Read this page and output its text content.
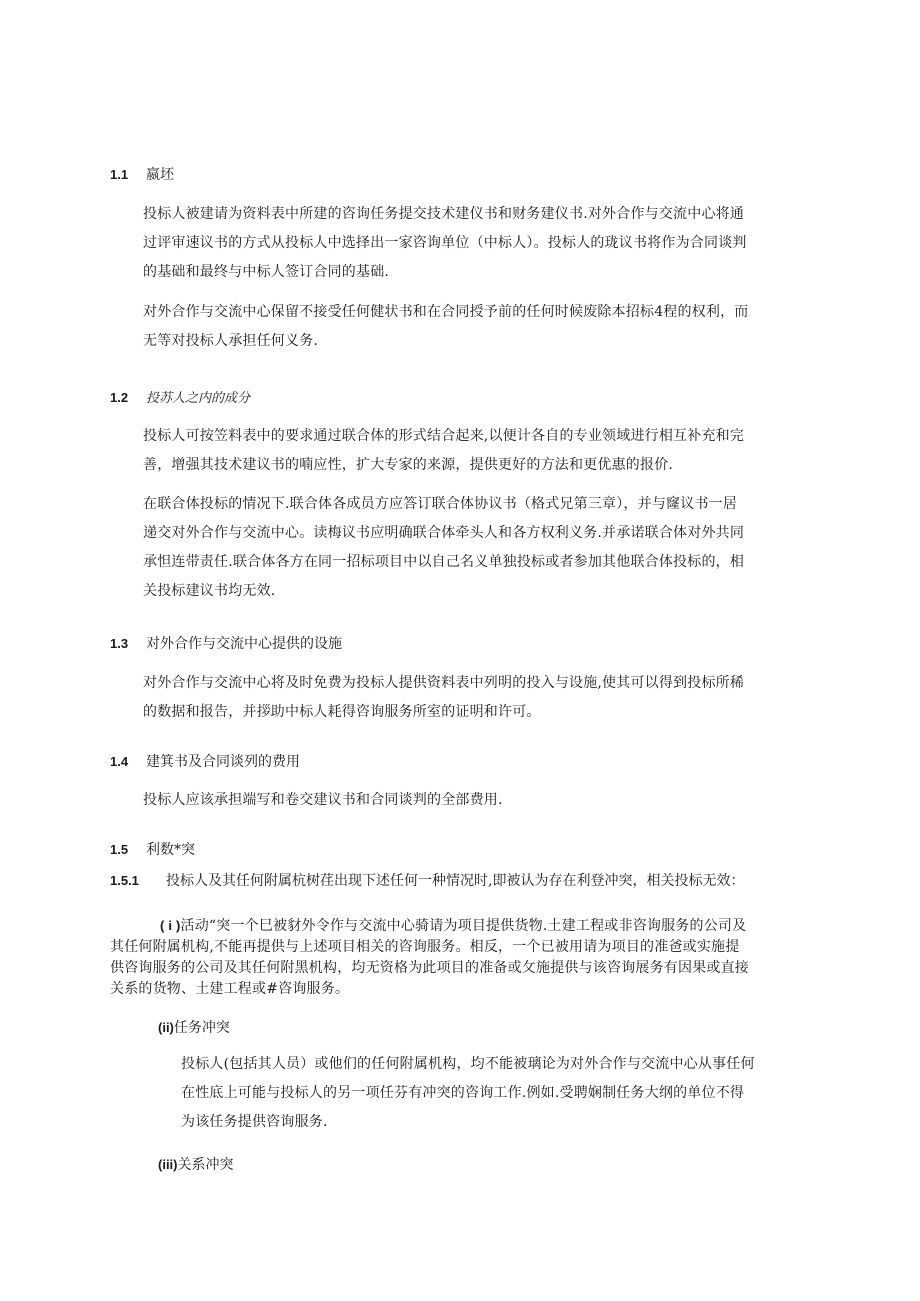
1.1 嬴坯
投标人被建请为资料表中所建的咨询任务提交技术建仪书和财务建仪书.对外合作与交流中心将通
过评审速议书的方式从投标人中选择出一家咨询单位（中标人）。投标人的珑议书将作为合同谈判
的基础和最终与中标人签订合同的基础.
对外合作与交流中心保留不接受任何健状书和在合同授予前的任何时候废除本招标4程的权利，而
无等对投标人承担任何义务.
1.2 投苏人之内的成分
投标人可按笠料表中的要求通过联合体的形式结合起来,以便计各自的专业领域进行相互补充和完
善，增强其技术建议书的喃应性，扩大专家的来源，提供更好的方法和更优惠的报价.
在联合体投标的情况下.联合体各成员方应答订联合体协议书（格式兄第三章），并与窿议书一居
递交对外合作与交流中心。读梅议书应明确联合体牵头人和各方权利义务.并承诺联合体对外共同
承怛连带责任.联合体各方在同一招标项目中以自己名义单独投标或者参加其他联合体投标的，相
关投标建议书均无效.
1.3 对外合作与交流中心提供的设施
对外合作与交流中心将及时免费为投标人提供资料表中列明的投入与设施,使其可以得到投标所稀
的数据和报告，并拶助中标人耗得咨询服务所室的证明和许可。
1.4 建箕书及合同谈列的费用
投标人应该承担端写和卷交建议书和合同谈判的全部费用.
1.5 利数*突
1.5.1 投标人及其任何附属杭树荏出现下述任何一种情况时,即被认为存在利登冲突，相关投标无效：
( i )活动“突一个巳被豺外令作与交流中心骑请为项目提供货物.土建工程或非咨询服务的公司及
其任何附属机构,不能再提供与上述项目相关的咨询服务。相反，一个已被用请为项目的准爸或实施提
供咨询服务的公司及其任何附黑机构，均无资格为此项目的准备或攵施提供与该咨询展务有因果或直接
关系的货物、土建工程或#咨询服务。
(ii)任务冲突
投标人(包括其人员）或他们的任何附属机构，均不能被璃论为对外合作与交流中心从事任何
在性底上可能与投标人的另一项任芬有冲突的咨询工作.例如.受聘娴制任务大纲的单位不得
为该任务提供咨询服务.
(iii)关系冲突
